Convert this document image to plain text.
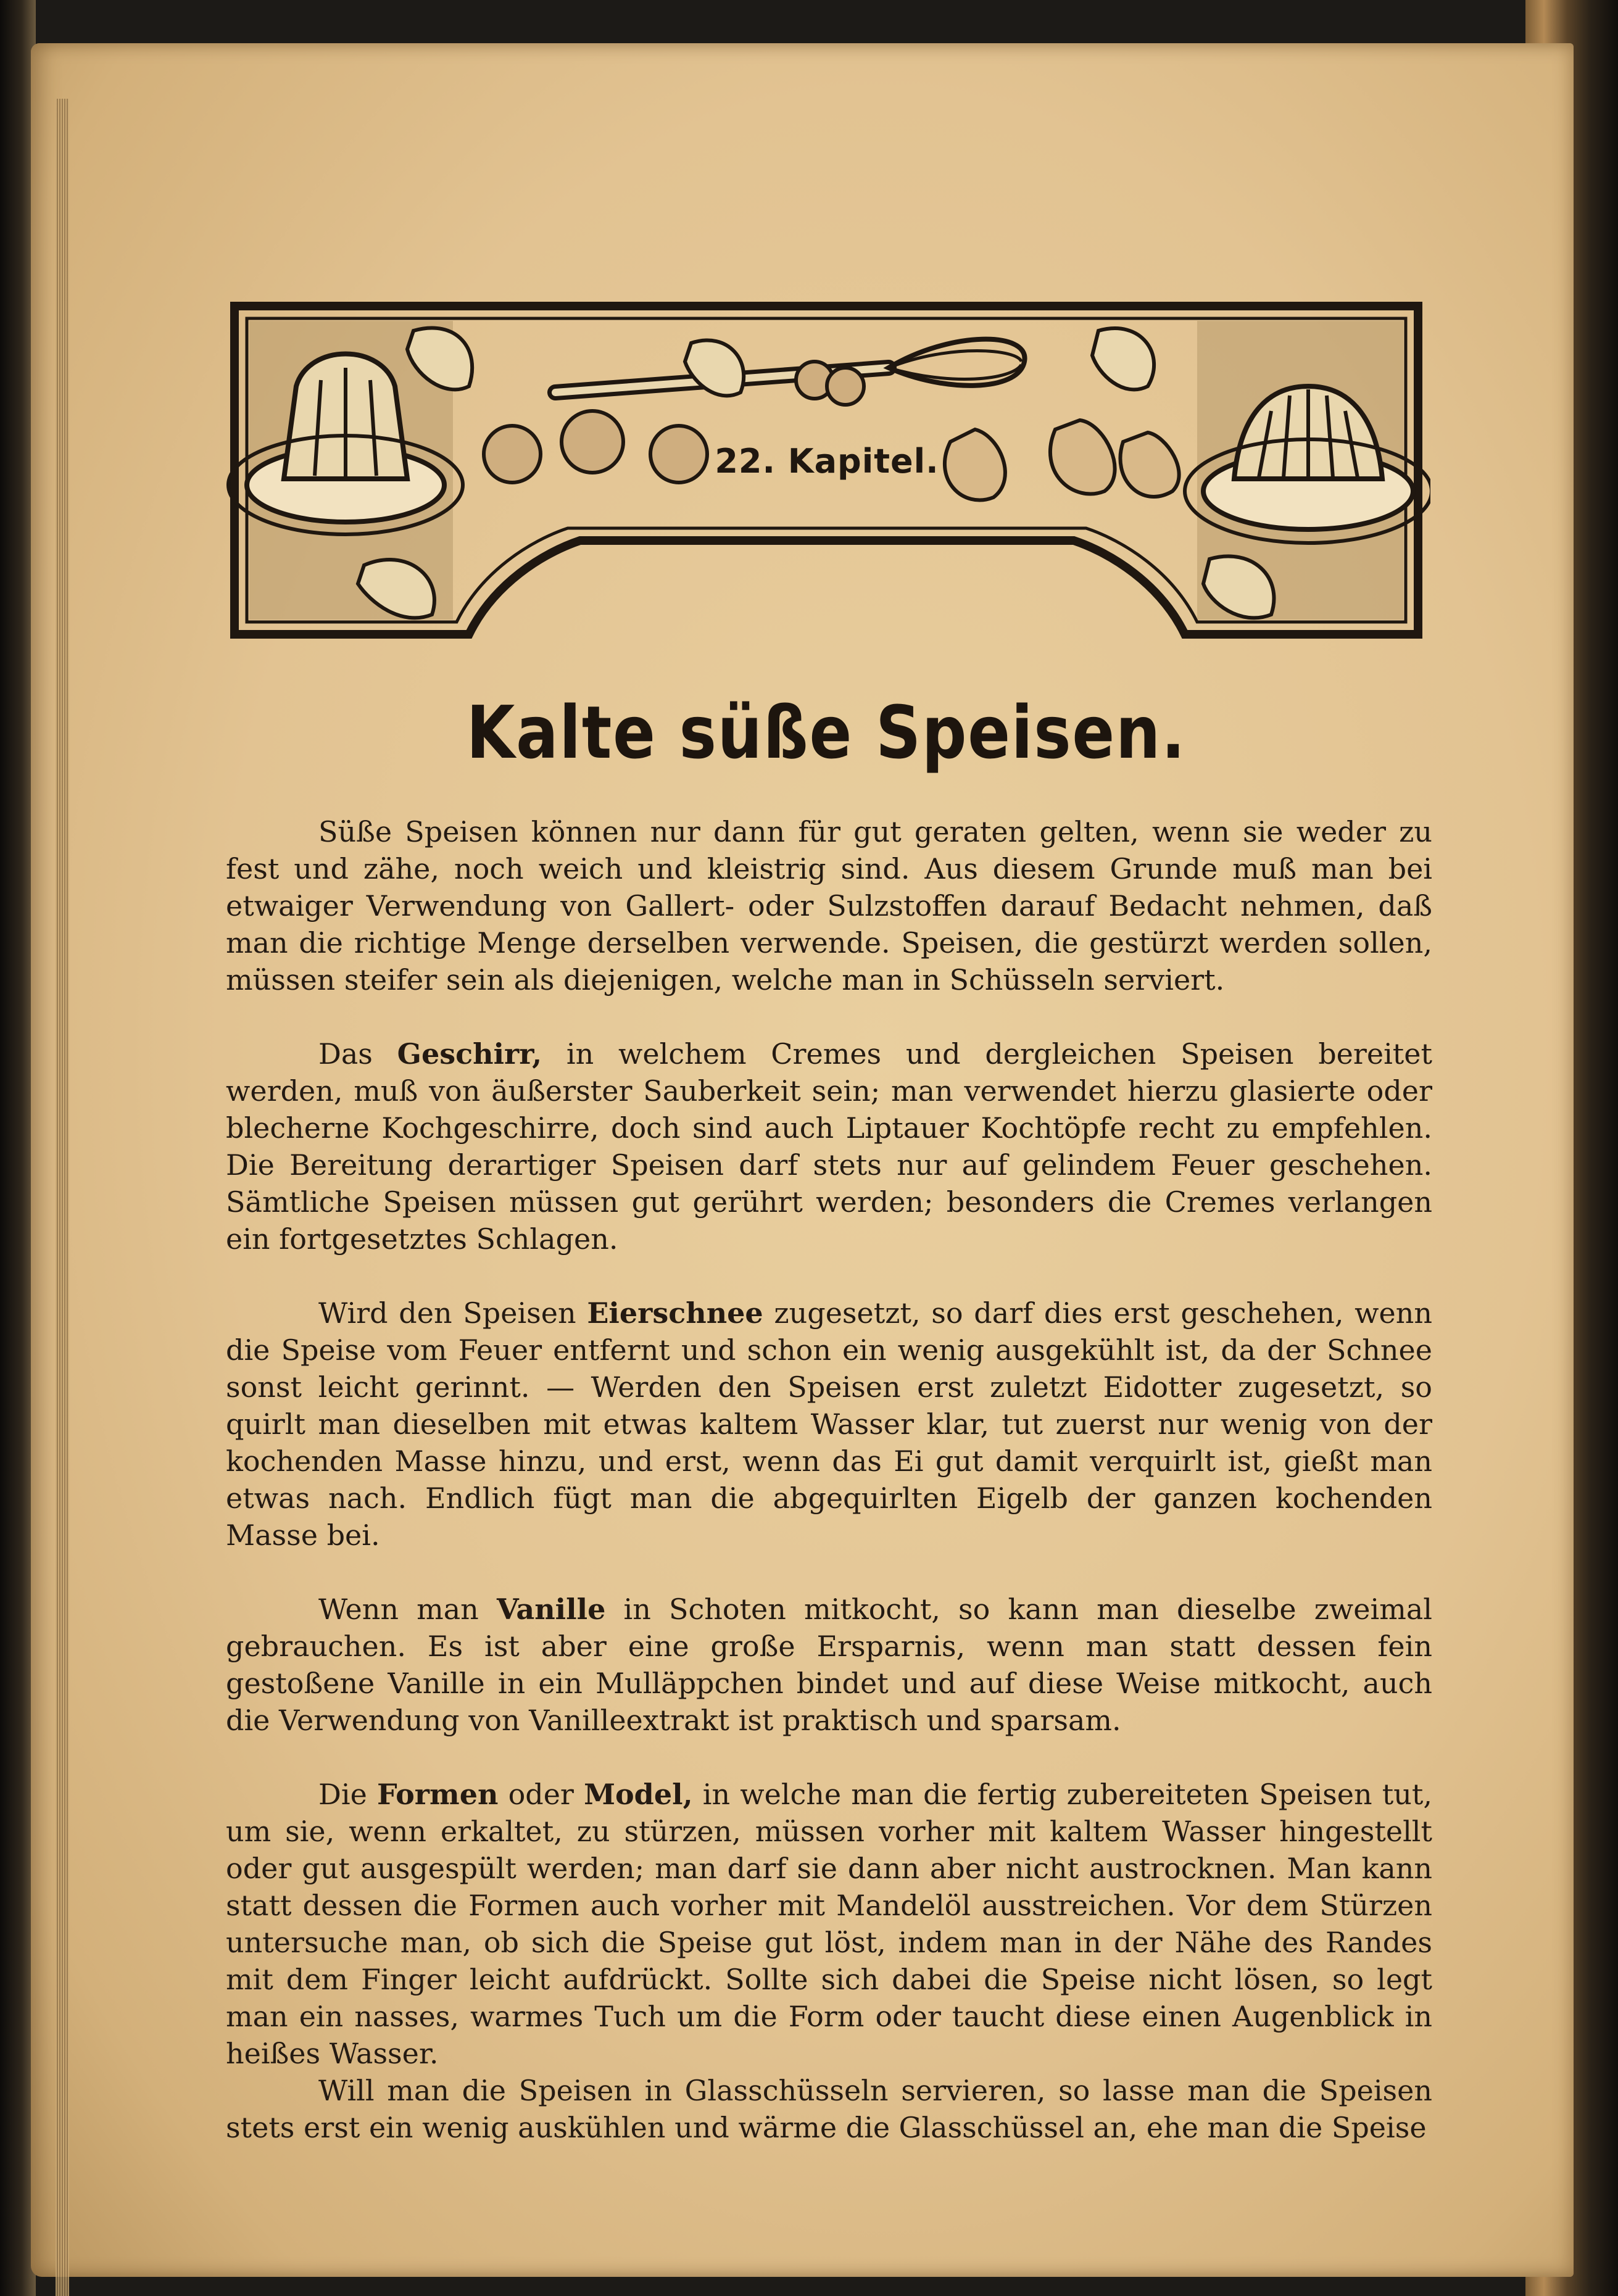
22. Kapitel.
Kalte süße Speisen.

Süße Speisen können nur dann für gut geraten gelten, wenn sie weder zu fest und zähe, noch weich und kleistrig sind. Aus diesem Grunde muß man bei etwaiger Verwendung von Gallert- oder Sulzstoffen darauf Bedacht nehmen, daß man die richtige Menge derselben verwende. Speisen, die gestürzt werden sollen, müssen steifer sein als diejenigen, welche man in Schüsseln serviert.

Das Geschirr, in welchem Cremes und dergleichen Speisen bereitet werden, muß von äußerster Sauberkeit sein; man verwendet hierzu glasierte oder blecherne Kochgeschirre, doch sind auch Liptauer Kochtöpfe recht zu empfehlen. Die Bereitung derartiger Speisen darf stets nur auf gelindem Feuer geschehen. Sämtliche Speisen müssen gut gerührt werden; besonders die Cremes verlangen ein fortgesetztes Schlagen.

Wird den Speisen Eierschnee zugesetzt, so darf dies erst geschehen, wenn die Speise vom Feuer entfernt und schon ein wenig ausgekühlt ist, da der Schnee sonst leicht gerinnt. — Werden den Speisen erst zuletzt Eidotter zugesetzt, so quirlt man dieselben mit etwas kaltem Wasser klar, tut zuerst nur wenig von der kochenden Masse hinzu, und erst, wenn das Ei gut damit verquirlt ist, gießt man etwas nach. Endlich fügt man die abgequirlten Eigelb der ganzen kochenden Masse bei.

Wenn man Vanille in Schoten mitkocht, so kann man dieselbe zweimal gebrauchen. Es ist aber eine große Ersparnis, wenn man statt dessen fein gestoßene Vanille in ein Mulläppchen bindet und auf diese Weise mitkocht, auch die Verwendung von Vanilleextrakt ist praktisch und sparsam.

Die Formen oder Model, in welche man die fertig zubereiteten Speisen tut, um sie, wenn erkaltet, zu stürzen, müssen vorher mit kaltem Wasser hingestellt oder gut ausgespült werden; man darf sie dann aber nicht austrocknen. Man kann statt dessen die Formen auch vorher mit Mandelöl ausstreichen. Vor dem Stürzen untersuche man, ob sich die Speise gut löst, indem man in der Nähe des Randes mit dem Finger leicht aufdrückt. Sollte sich dabei die Speise nicht lösen, so legt man ein nasses, warmes Tuch um die Form oder taucht diese einen Augenblick in heißes Wasser.

Will man die Speisen in Glasschüsseln servieren, so lasse man die Speisen stets erst ein wenig auskühlen und wärme die Glasschüssel an, ehe man die Speise
